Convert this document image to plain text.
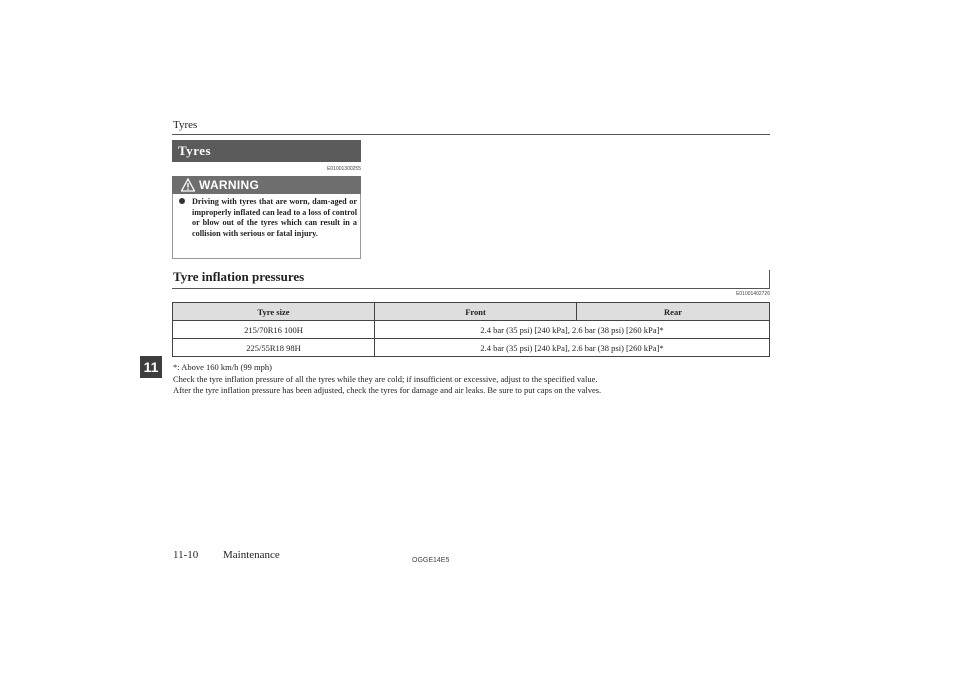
Tyres
Tyres
E01001300255
WARNING
Driving with tyres that are worn, dam-aged or improperly inflated can lead to a loss of control or blow out of the tyres which can result in a collision with serious or fatal injury.
Tyre inflation pressures
E01001402726
Tyre size	Front	Rear
215/70R16 100H	2.4 bar (35 psi) [240 kPa], 2.6 bar (38 psi) [260 kPa]*	
225/55R18 98H	2.4 bar (35 psi) [240 kPa], 2.6 bar (38 psi) [260 kPa]*	
*: Above 160 km/h (99 mph)
Check the tyre inflation pressure of all the tyres while they are cold; if insufficient or excessive, adjust to the specified value.
After the tyre inflation pressure has been adjusted, check the tyres for damage and air leaks. Be sure to put caps on the valves.
11
11-10 Maintenance	OGGE14E5
